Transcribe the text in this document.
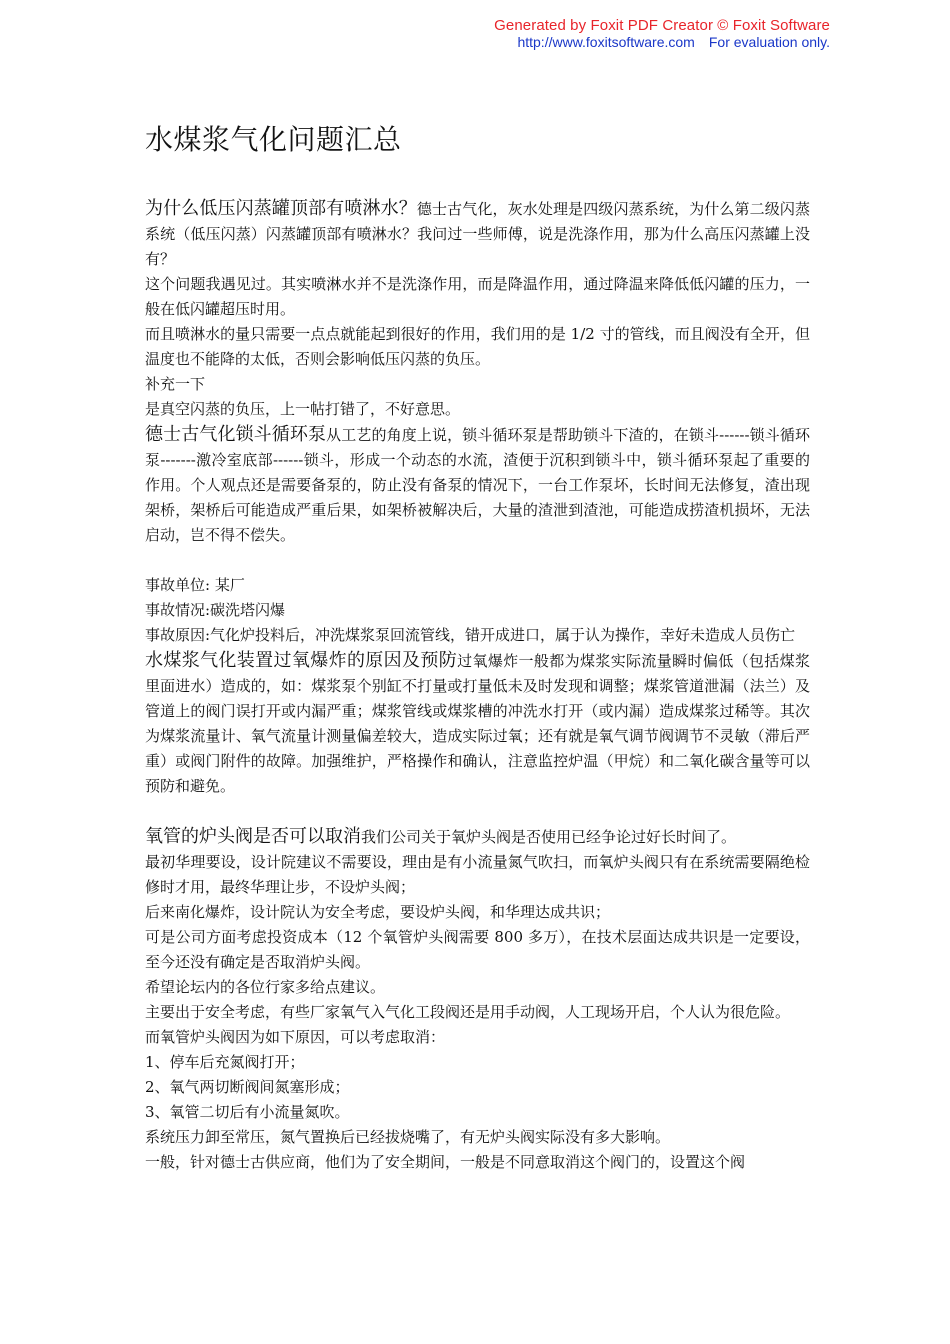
Generated by Foxit PDF Creator © Foxit Software
http://www.foxitsoftware.com For evaluation only.
水煤浆气化问题汇总

为什么低压闪蒸罐顶部有喷淋水？德士古气化，灰水处理是四级闪蒸系统，为什么第二级闪蒸系统（低压闪蒸）闪蒸罐顶部有喷淋水？我问过一些师傅，说是洗涤作用，那为什么高压闪蒸罐上没有？

这个问题我遇见过。其实喷淋水并不是洗涤作用，而是降温作用，通过降温来降低低闪罐的压力，一般在低闪罐超压时用。

而且喷淋水的量只需要一点点就能起到很好的作用，我们用的是 1/2 寸的管线，而且阀没有全开，但温度也不能降的太低，否则会影响低压闪蒸的负压。

补充一下

是真空闪蒸的负压，上一帖打错了，不好意思。

德士古气化锁斗循环泵从工艺的角度上说，锁斗循环泵是帮助锁斗下渣的，在锁斗------锁斗循环泵-------激冷室底部------锁斗，形成一个动态的水流，渣便于沉积到锁斗中，锁斗循环泵起了重要的作用。个人观点还是需要备泵的，防止没有备泵的情况下，一台工作泵坏，长时间无法修复，渣出现架桥，架桥后可能造成严重后果，如架桥被解决后，大量的渣泄到渣池，可能造成捞渣机损坏，无法启动，岂不得不偿失。

事故单位: 某厂

事故情况:碳洗塔闪爆

事故原因:气化炉投料后，冲洗煤浆泵回流管线，错开成进口，属于认为操作，幸好未造成人员伤亡

水煤浆气化装置过氧爆炸的原因及预防过氧爆炸一般都为煤浆实际流量瞬时偏低（包括煤浆里面进水）造成的，如：煤浆泵个别缸不打量或打量低未及时发现和调整；煤浆管道泄漏（法兰）及管道上的阀门误打开或内漏严重；煤浆管线或煤浆槽的冲洗水打开（或内漏）造成煤浆过稀等。其次为煤浆流量计、氧气流量计测量偏差较大，造成实际过氧；还有就是氧气调节阀调节不灵敏（滞后严重）或阀门附件的故障。加强维护，严格操作和确认，注意监控炉温（甲烷）和二氧化碳含量等可以预防和避免。

氧管的炉头阀是否可以取消我们公司关于氧炉头阀是否使用已经争论过好长时间了。

最初华理要设，设计院建议不需要设，理由是有小流量氮气吹扫，而氧炉头阀只有在系统需要隔绝检修时才用，最终华理让步，不设炉头阀；

后来南化爆炸，设计院认为安全考虑，要设炉头阀，和华理达成共识；

可是公司方面考虑投资成本（12 个氧管炉头阀需要 800 多万），在技术层面达成共识是一定要设，至今还没有确定是否取消炉头阀。

希望论坛内的各位行家多给点建议。

主要出于安全考虑，有些厂家氧气入气化工段阀还是用手动阀，人工现场开启，个人认为很危险。

而氧管炉头阀因为如下原因，可以考虑取消：

1、停车后充氮阀打开；

2、氧气两切断阀间氮塞形成；

3、氧管二切后有小流量氮吹。

系统压力卸至常压，氮气置换后已经拔烧嘴了，有无炉头阀实际没有多大影响。

一般，针对德士古供应商，他们为了安全期间，一般是不同意取消这个阀门的，设置这个阀
